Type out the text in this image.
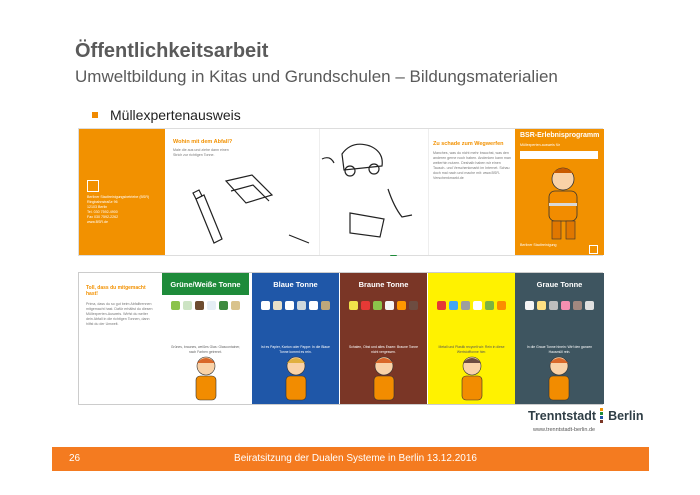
Öffentlichkeitsarbeit
Umweltbildung in Kitas und Grundschulen – Bildungsmaterialien
Müllexpertenausweis
Berliner Stadtreinigungsbetriebe (BSR)
Ringbahnstraße 96
12103 Berlin
Tel. 030 7592-4900
Fax 030 7592-2262
www.BSR.de
Wohin mit dem Abfall?
Male die aus und ziehe dann einen Strich zur richtigen Tonne.
Zu schade zum Wegwerfen
Manches, was du nicht mehr brauchst, was den anderen gerne noch haben. Andenken kann man weiterhin nutzen. Deshalb haben wir einen Tausch- und Verschenkmarkt im Internet. Schau doch mal nach und mache mit: www.BSR-Verschenkmarkt.de
BSR-Erlebnisprogramm
Müllexperten-ausweis für
Berliner Stadtreinigung
Toll, dass du mitgemacht hast!
Prima, dass du so gut beim Abfalltrennen mitgemacht hast. Dafür erhältst du diesen Müllexperten-Ausweis. Wirfst du weiter dein Abfall in die richtigen Tonnen, dann hilfst du der Umwelt.
Grüne/Weiße Tonne
Grünes, braunes, weißes Glas: Glascontainer, nach Farben getrennt.
Blaue Tonne
Ist es Papier, Karton oder Pappe: In die Blaue Tonne kommt es rein.
Braune Tonne
Schalen, Obst und alles Essen: Braune Tonne nicht vergessen.
Gelbe Tonne
Metall und Plastik recycelt wir: Rein in diese Wertstofftonne hier.
Graue Tonne
In die Graue Tonne hinein: Wirf den ganzen Hausmüll rein.
Trenntstadt Berlin
www.trenntstadt-berlin.de
26	Beiratsitzung der Dualen Systeme in Berlin 13.12.2016
